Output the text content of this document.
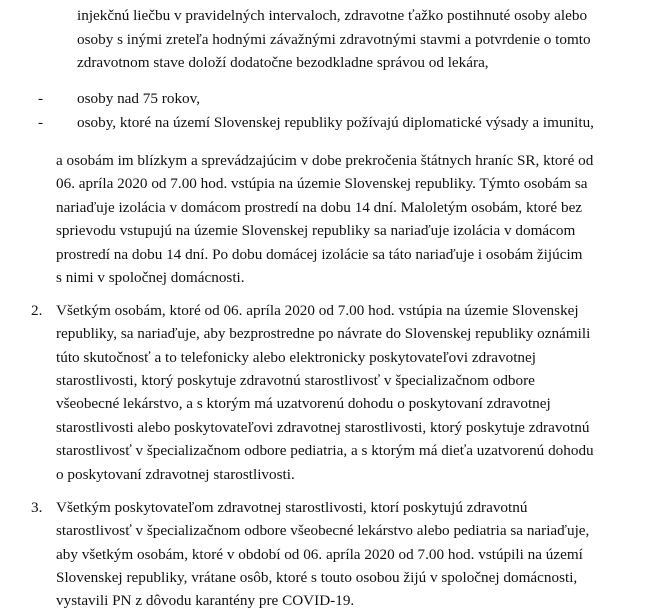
injekčnú liečbu v pravidelných intervaloch, zdravotne ťažko postihnuté osoby alebo
osoby s inými zreteľa hodnými závažnými zdravotnými stavmi a potvrdenie o tomto
zdravotnom stave doloží dodatočne bezodkladne správou od lekára,
- osoby nad 75 rokov,
- osoby, ktoré na území Slovenskej republiky požívajú diplomatické výsady a imunitu,
a osobám im blízkym a sprevádzajúcim v dobe prekročenia štátnych hraníc SR, ktoré od
06. apríla 2020 od 7.00 hod. vstúpia na územie Slovenskej republiky. Týmto osobám sa
nariaďuje izolácia v domácom prostredí na dobu 14 dní. Maloletým osobám, ktoré bez
sprievodu vstupujú na územie Slovenskej republiky sa nariaďuje izolácia v domácom
prostredí na dobu 14 dní. Po dobu domácej izolácie sa táto nariaďuje i osobám žijúcim
s nimi v spoločnej domácnosti.
2. Všetkým osobám, ktoré od 06. apríla 2020 od 7.00 hod. vstúpia na územie Slovenskej
republiky, sa nariaďuje, aby bezprostredne po návrate do Slovenskej republiky oznámili
túto skutočnosť a to telefonicky alebo elektronicky poskytovateľovi zdravotnej
starostlivosti, ktorý poskytuje zdravotnú starostlivosť v špecializačnom odbore
všeobecné lekárstvo, a s ktorým má uzatvorenú dohodu o poskytovaní zdravotnej
starostlivosti alebo poskytovateľovi zdravotnej starostlivosti, ktorý poskytuje zdravotnú
starostlivosť v špecializačnom odbore pediatria, a s ktorým má dieťa uzatvorenú dohodu
o poskytovaní zdravotnej starostlivosti.
3. Všetkým poskytovateľom zdravotnej starostlivosti, ktorí poskytujú zdravotnú
starostlivosť v špecializačnom odbore všeobecné lekárstvo alebo pediatria sa nariaďuje,
aby všetkým osobám, ktoré v období od 06. apríla 2020 od 7.00 hod. vstúpili na území
Slovenskej republiky, vrátane osôb, ktoré s touto osobou žijú v spoločnej domácnosti,
vystavili PN z dôvodu karantény pre COVID-19.
